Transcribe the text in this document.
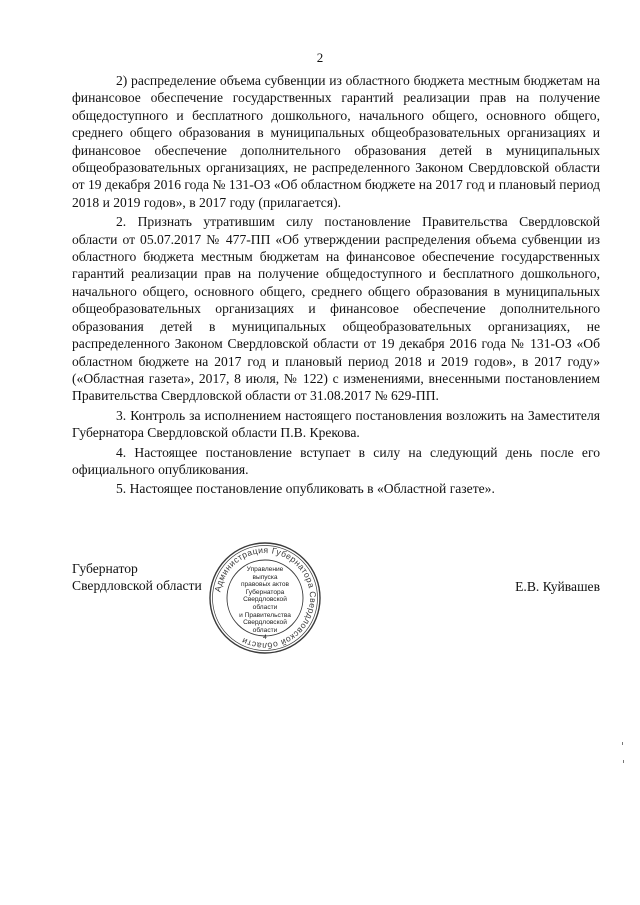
2

2) распределение объема субвенции из областного бюджета местным бюджетам на финансовое обеспечение государственных гарантий реализации прав на получение общедоступного и бесплатного дошкольного, начального общего, основного общего, среднего общего образования в муниципальных общеобразовательных организациях и финансовое обеспечение дополнительного образования детей в муниципальных общеобразовательных организациях, не распределенного Законом Свердловской области от 19 декабря 2016 года № 131-ОЗ «Об областном бюджете на 2017 год и плановый период 2018 и 2019 годов», в 2017 году (прилагается).

2. Признать утратившим силу постановление Правительства Свердловской области от 05.07.2017 № 477-ПП «Об утверждении распределения объема субвенции из областного бюджета местным бюджетам на финансовое обеспечение государственных гарантий реализации прав на получение общедоступного и бесплатного дошкольного, начального общего, основного общего, среднего общего образования в муниципальных общеобразовательных организациях и финансовое обеспечение дополнительного образования детей в муниципальных общеобразовательных организациях, не распределенного Законом Свердловской области от 19 декабря 2016 года № 131-ОЗ «Об областном бюджете на 2017 год и плановый период 2018 и 2019 годов», в 2017 году» («Областная газета», 2017, 8 июля, № 122) с изменениями, внесенными постановлением Правительства Свердловской области от 31.08.2017 № 629-ПП.

3. Контроль за исполнением настоящего постановления возложить на Заместителя Губернатора Свердловской области П.В. Крекова.

4. Настоящее постановление вступает в силу на следующий день после его официального опубликования.

5. Настоящее постановление опубликовать в «Областной газете».

Губернатор
Свердловской области Администрация Губернатора Свердловской области
Управление
выпуска
правовых актов
Губернатора
Свердловской области
и Правительства
Свердловской
области
4
Е.В. Куйвашев
